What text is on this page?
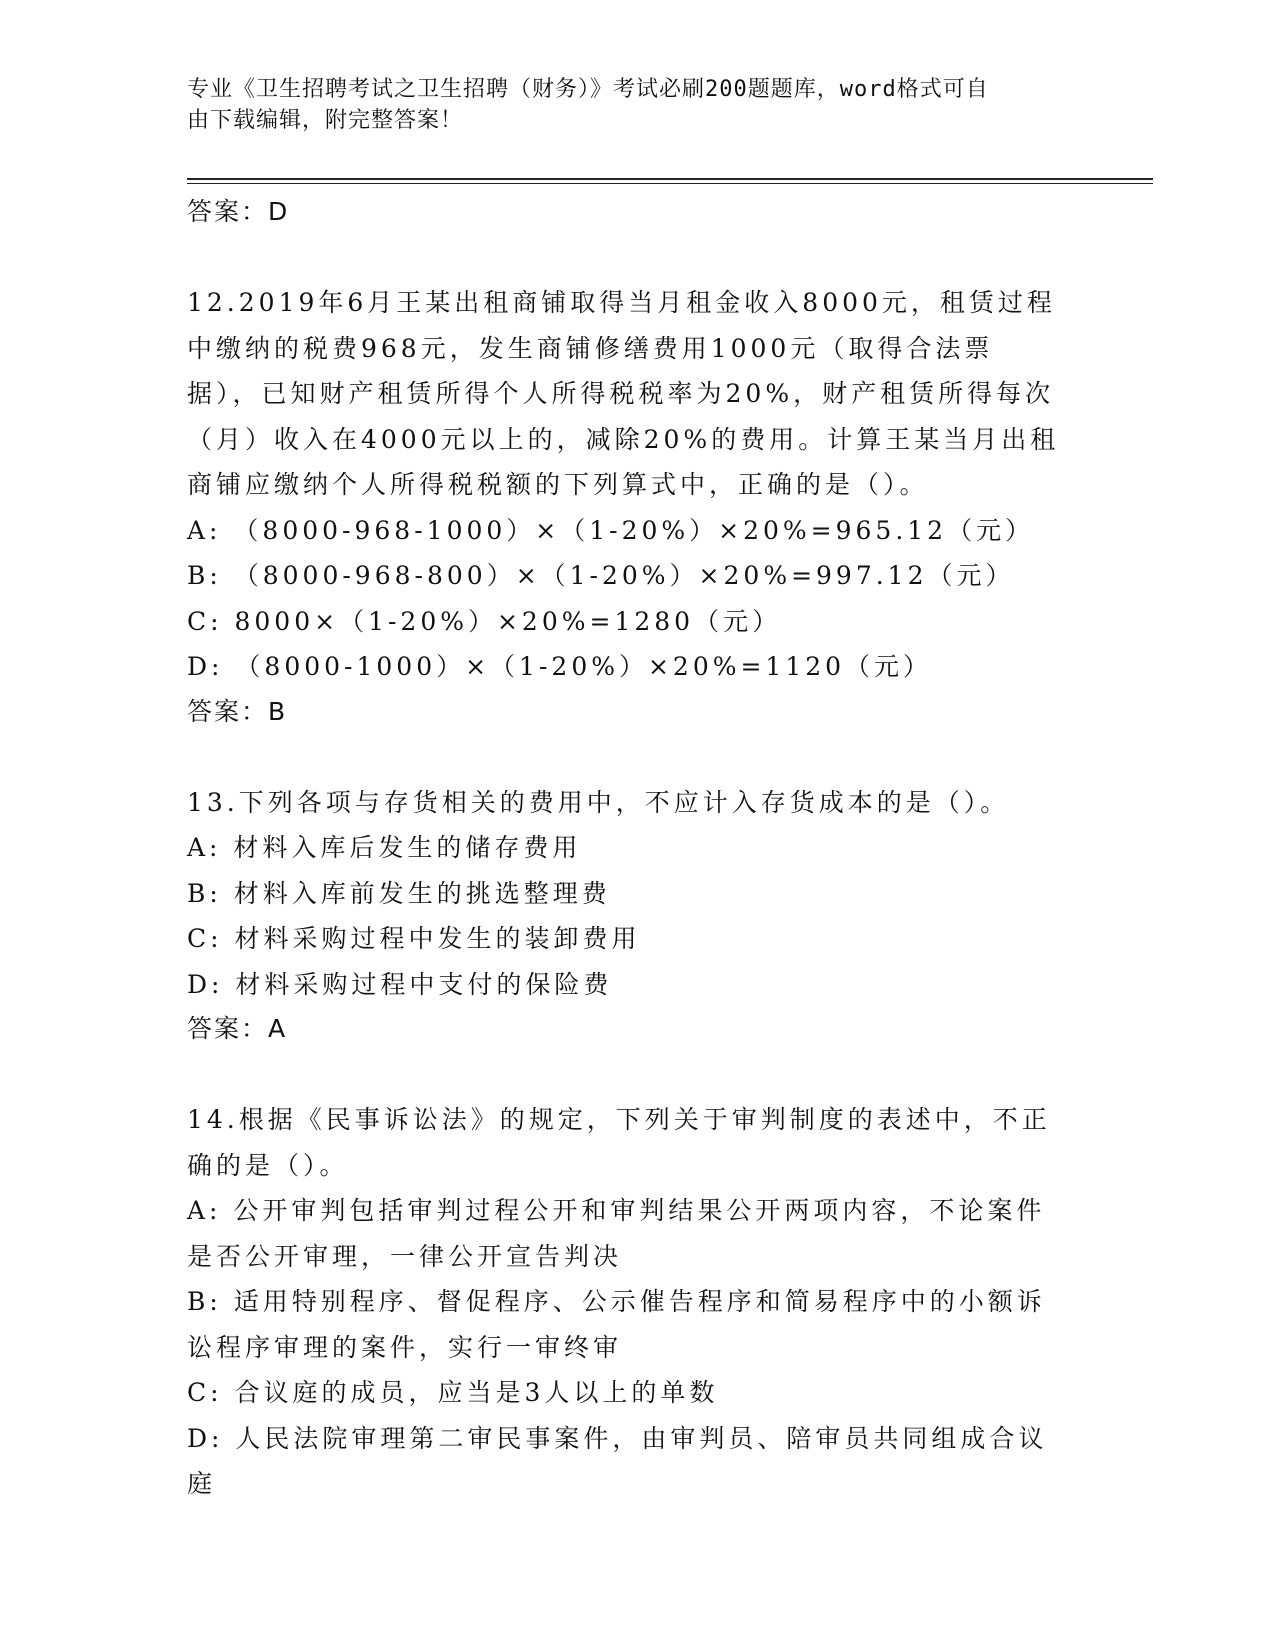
专业《卫生招聘考试之卫生招聘（财务）》考试必刷200题题库，word格式可自
由下载编辑，附完整答案！

答案：D

12.2019年6月王某出租商铺取得当月租金收入8000元，租赁过程中缴纳的税费968元，发生商铺修缮费用1000元（取得合法票据），已知财产租赁所得个人所得税税率为20%，财产租赁所得每次（月）收入在4000元以上的，减除20%的费用。计算王某当月出租商铺应缴纳个人所得税税额的下列算式中，正确的是（）。

A: （8000-968-1000）×（1-20%）×20%=965.12（元）

B: （8000-968-800）×（1-20%）×20%=997.12（元）

C: 8000×（1-20%）×20%=1280（元）

D: （8000-1000）×（1-20%）×20%=1120（元）

答案：B

13.下列各项与存货相关的费用中，不应计入存货成本的是（）。

A: 材料入库后发生的储存费用

B: 材料入库前发生的挑选整理费

C: 材料采购过程中发生的装卸费用

D: 材料采购过程中支付的保险费

答案：A

14.根据《民事诉讼法》的规定，下列关于审判制度的表述中，不正确的是（）。

A: 公开审判包括审判过程公开和审判结果公开两项内容，不论案件是否公开审理，一律公开宣告判决

B: 适用特别程序、督促程序、公示催告程序和简易程序中的小额诉讼程序审理的案件，实行一审终审

C: 合议庭的成员，应当是3人以上的单数

D: 人民法院审理第二审民事案件，由审判员、陪审员共同组成合议庭
